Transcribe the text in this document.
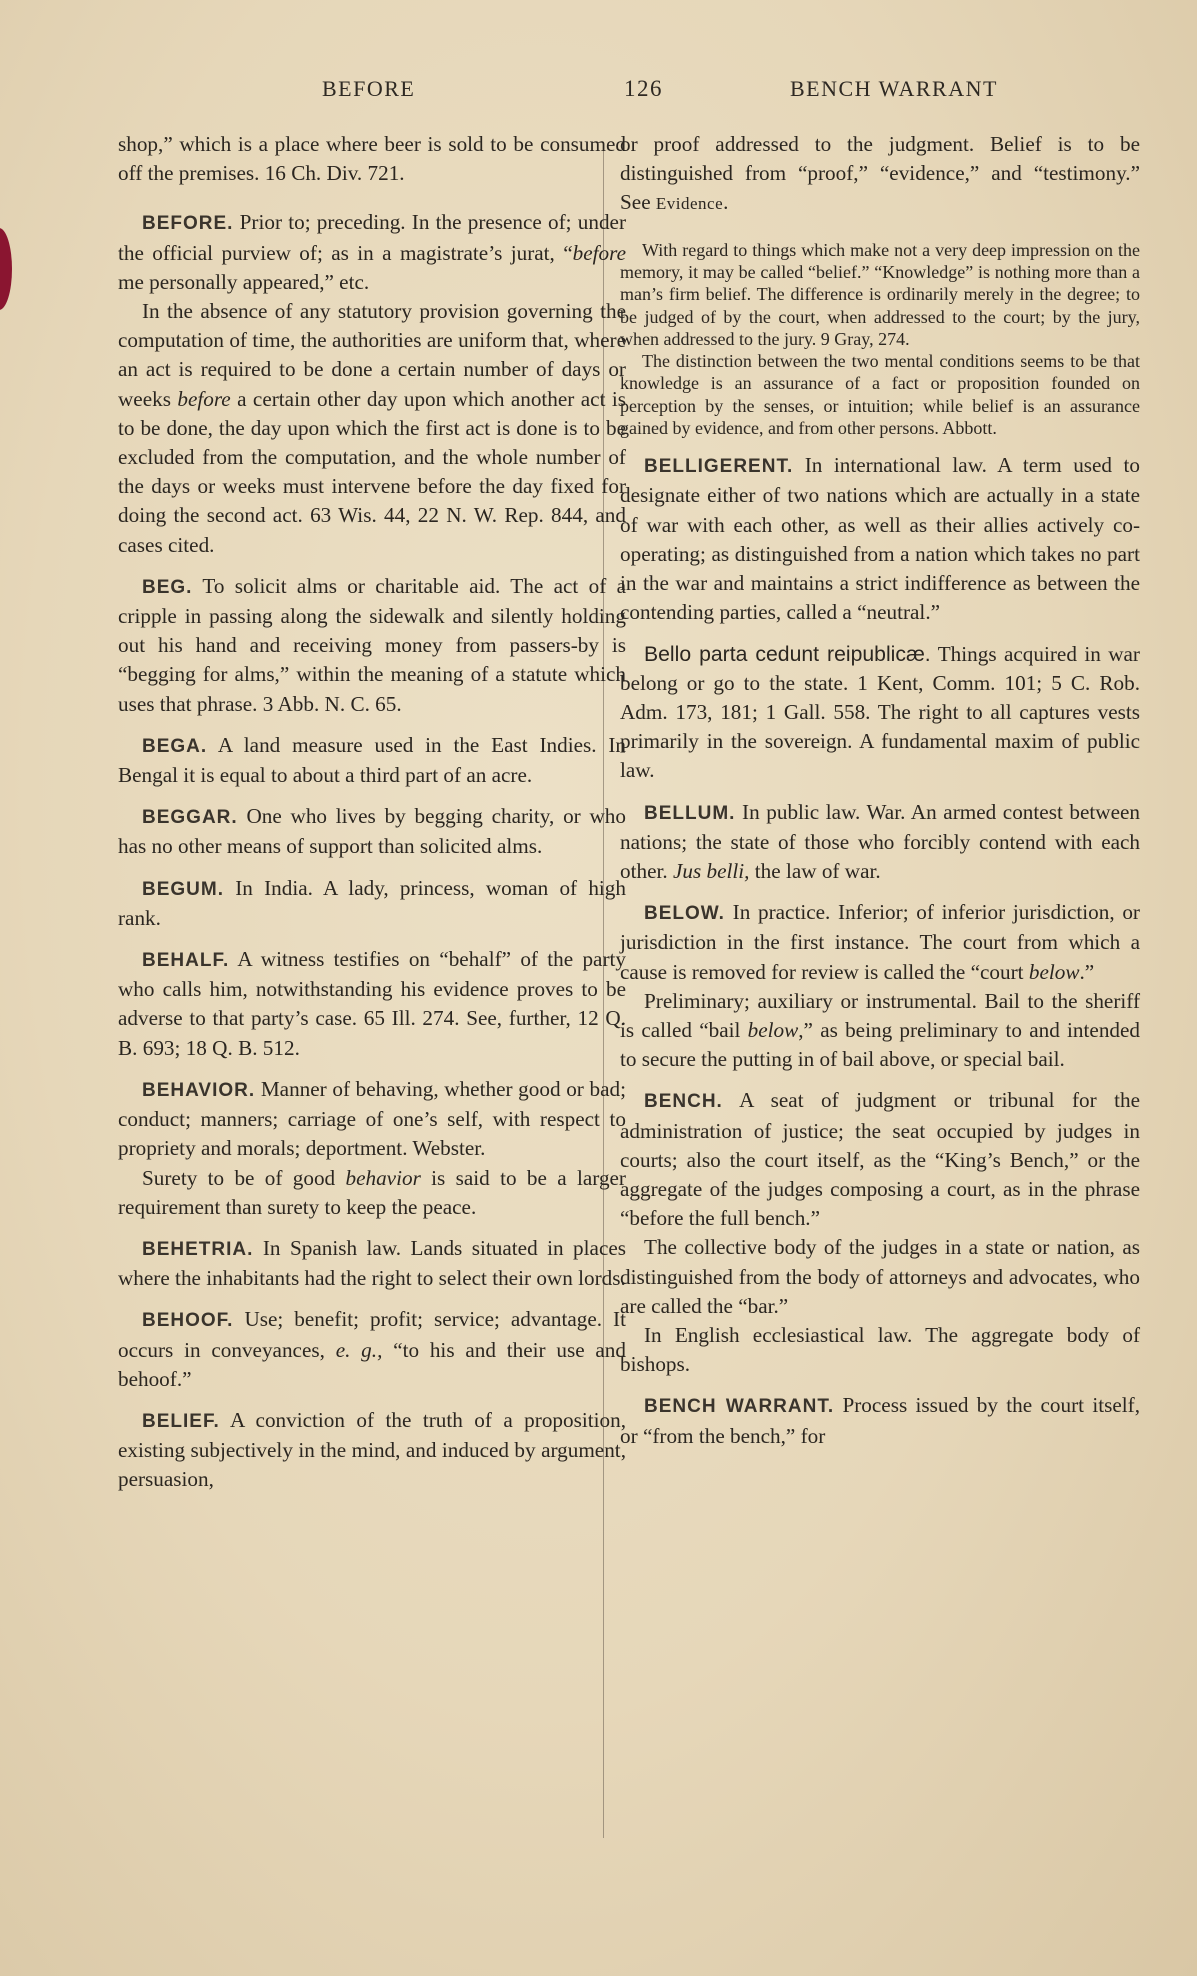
BEFORE	126	BENCH WARRANT

shop,” which is a place where beer is sold to be consumed off the premises. 16 Ch. Div. 721.

BEFORE. Prior to; preceding. In the presence of; under the official purview of; as in a magistrate’s jurat, “before me personally appeared,” etc.

In the absence of any statutory provision governing the computation of time, the authorities are uniform that, where an act is required to be done a certain number of days or weeks before a certain other day upon which another act is to be done, the day upon which the first act is done is to be excluded from the computation, and the whole number of the days or weeks must intervene before the day fixed for doing the second act. 63 Wis. 44, 22 N. W. Rep. 844, and cases cited.

BEG. To solicit alms or charitable aid. The act of a cripple in passing along the sidewalk and silently holding out his hand and receiving money from passers-by is “begging for alms,” within the meaning of a statute which uses that phrase. 3 Abb. N. C. 65.

BEGA. A land measure used in the East Indies. In Bengal it is equal to about a third part of an acre.

BEGGAR. One who lives by begging charity, or who has no other means of support than solicited alms.

BEGUM. In India. A lady, princess, woman of high rank.

BEHALF. A witness testifies on “behalf” of the party who calls him, notwithstanding his evidence proves to be adverse to that party’s case. 65 Ill. 274. See, further, 12 Q. B. 693; 18 Q. B. 512.

BEHAVIOR. Manner of behaving, whether good or bad; conduct; manners; carriage of one’s self, with respect to propriety and morals; deportment. Webster.

Surety to be of good behavior is said to be a larger requirement than surety to keep the peace.

BEHETRIA. In Spanish law. Lands situated in places where the inhabitants had the right to select their own lords.

BEHOOF. Use; benefit; profit; service; advantage. It occurs in conveyances, e. g., “to his and their use and behoof.”

BELIEF. A conviction of the truth of a proposition, existing subjectively in the mind, and induced by argument, persuasion,

or proof addressed to the judgment. Belief is to be distinguished from “proof,” “evidence,” and “testimony.” See Evidence.

With regard to things which make not a very deep impression on the memory, it may be called “belief.” “Knowledge” is nothing more than a man’s firm belief. The difference is ordinarily merely in the degree; to be judged of by the court, when addressed to the court; by the jury, when addressed to the jury. 9 Gray, 274.

The distinction between the two mental conditions seems to be that knowledge is an assurance of a fact or proposition founded on perception by the senses, or intuition; while belief is an assurance gained by evidence, and from other persons. Abbott.

BELLIGERENT. In international law. A term used to designate either of two nations which are actually in a state of war with each other, as well as their allies actively co-operating; as distinguished from a nation which takes no part in the war and maintains a strict indifference as between the contending parties, called a “neutral.”

Bello parta cedunt reipublicæ. Things acquired in war belong or go to the state. 1 Kent, Comm. 101; 5 C. Rob. Adm. 173, 181; 1 Gall. 558. The right to all captures vests primarily in the sovereign. A fundamental maxim of public law.

BELLUM. In public law. War. An armed contest between nations; the state of those who forcibly contend with each other. Jus belli, the law of war.

BELOW. In practice. Inferior; of inferior jurisdiction, or jurisdiction in the first instance. The court from which a cause is removed for review is called the “court below.”

Preliminary; auxiliary or instrumental. Bail to the sheriff is called “bail below,” as being preliminary to and intended to secure the putting in of bail above, or special bail.

BENCH. A seat of judgment or tribunal for the administration of justice; the seat occupied by judges in courts; also the court itself, as the “King’s Bench,” or the aggregate of the judges composing a court, as in the phrase “before the full bench.”

The collective body of the judges in a state or nation, as distinguished from the body of attorneys and advocates, who are called the “bar.”

In English ecclesiastical law. The aggregate body of bishops.

BENCH WARRANT. Process issued by the court itself, or “from the bench,” for
